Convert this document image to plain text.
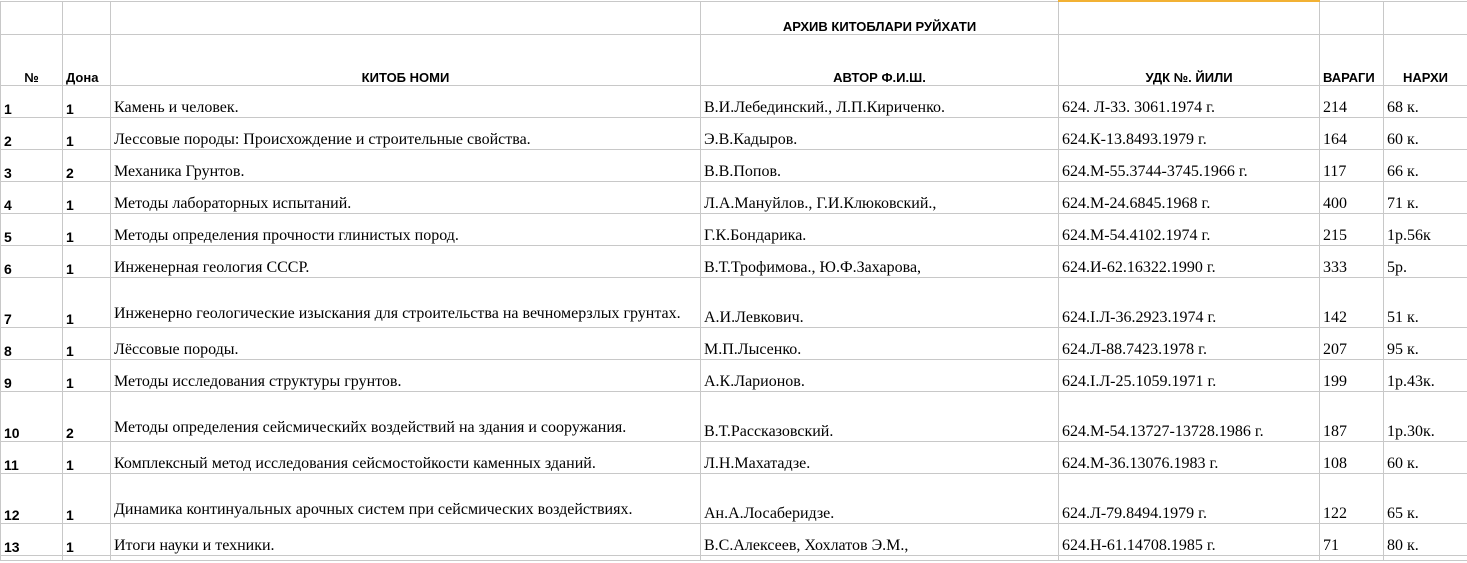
			АРХИВ КИТОБЛАРИ РУЙХАТИ			
№	Дона	КИТОБ НОМИ	АВТОР Ф.И.Ш.	УДК №. ЙИЛИ	ВАРАГИ	НАРХИ
1	1	Камень и человек.	В.И.Лебединский., Л.П.Кириченко.	624. Л-33. 3061.1974 г.	214	68 к.
2	1	Лессовые породы: Происхождение и строительные свойства.	Э.В.Кадыров.	624.К-13.8493.1979 г.	164	60 к.
3	2	Механика Грунтов.	В.В.Попов.	624.М-55.3744-3745.1966 г.	117	66 к.
4	1	Методы лабораторных испытаний.	Л.А.Мануйлов., Г.И.Клюковский.,	624.М-24.6845.1968 г.	400	71 к.
5	1	Методы определения прочности глинистых пород.	Г.К.Бондарика.	624.М-54.4102.1974 г.	215	1р.56к
6	1	Инженерная геология СССР.	В.Т.Трофимова., Ю.Ф.Захарова,	624.И-62.16322.1990 г.	333	5р.
7	1	Инженерно геологические изыскания для строительства на вечномерзлых грунтах.	А.И.Левкович.	624.I.Л-36.2923.1974 г.	142	51 к.
8	1	Лёссовые породы.	М.П.Лысенко.	624.Л-88.7423.1978 г.	207	95 к.
9	1	Методы исследования структуры грунтов.	А.К.Ларионов.	624.I.Л-25.1059.1971 г.	199	1р.43к.
10	2	Методы определения сейсмическийх воздействий на здания и сооружания.	В.Т.Рассказовский.	624.М-54.13727-13728.1986 г.	187	1р.30к.
11	1	Комплексный метод исследования сейсмостойкости каменных зданий.	Л.Н.Махатадзе.	624.М-36.13076.1983 г.	108	60 к.
12	1	Динамика континуальных арочных систем при сейсмических воздействиях.	Ан.А.Лосаберидзе.	624.Л-79.8494.1979 г.	122	65 к.
13	1	Итоги науки и техники.	В.С.Алексеев, Хохлатов Э.М.,	624.Н-61.14708.1985 г.	71	80 к.
